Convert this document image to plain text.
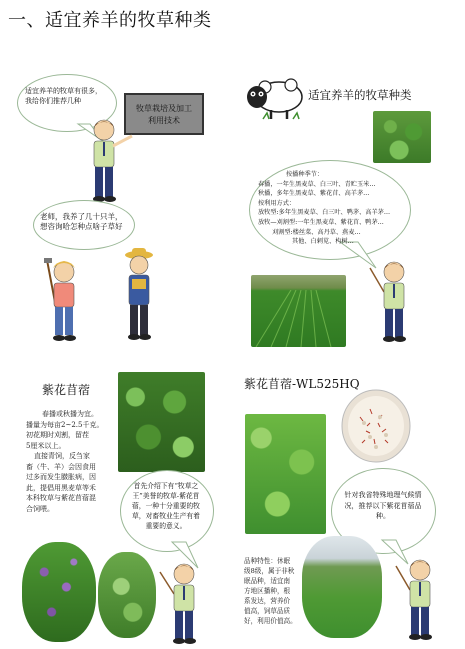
一、适宜养羊的牧草种类
适宜养羊的牧草有很多，我给你们推荐几种
牧草栽培及加工
利用技术
老师，我养了几十只羊，想咨询哈怎种点啥子草好
适宜养羊的牧草种类
按播种季节：
春播，一年生黑麦草、白三叶、青贮玉米…
秋播，多年生黑麦草、紫花苜、高羊茅…
按利用方式：
放牧型:多年生黑麦草、白三叶、鸭茅、高羊茅…
放牧—刈割型:一年生黑麦草、紫花苜、鸭茅…
刈割型:楼丝菜、高丹草、燕麦…
其他、白刺苋、构树…
紫花苜蓿
春播或秋播为宜。
播量为每亩2~2.5千克。
初花期时刈割，留茬
5厘米以上。
直接青饲，反刍家
畜（牛、羊）会因食用
过多而发生臌胀病，因
此，提倡用黑麦草等禾
本科牧草与紫花苜蓿混
合饲喂。
首先介绍下有“牧草之王”美誉的牧草-紫花苜蓿，一种十分重要的牧草，对畜牧业生产有着重要的意义。
紫花苜蓿-WL525HQ
针对我省特殊地理气候情况，推荐以下紫花苜蓿品种。
品种特性：休眠
级8级，属于非秋
眠品种，适宜南
方地区播种，根
系发达，营养价
值高，饲草品质
好，利用价值高。
